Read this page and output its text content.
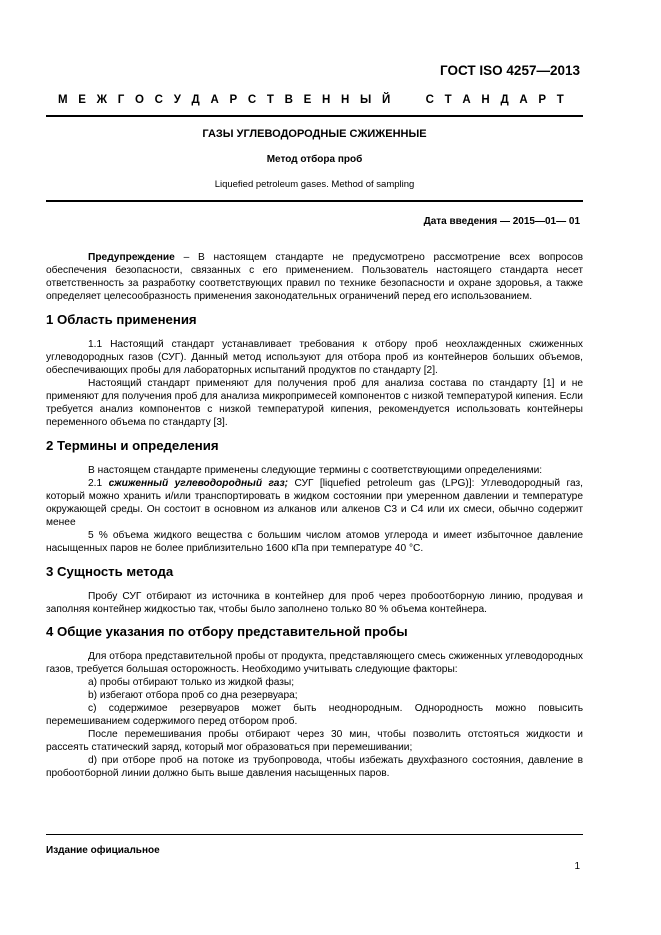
ГОСТ ISO 4257—2013
М Е Ж Г О С У Д А Р С Т В Е Н Н Ы Й	С Т А Н Д А Р Т
ГАЗЫ УГЛЕВОДОРОДНЫЕ СЖИЖЕННЫЕ
Метод отбора проб
Liquefied petroleum gases. Method of sampling
Дата введения — 2015—01— 01

Предупреждение – В настоящем стандарте не предусмотрено рассмотрение всех вопросов обеспечения безопасности, связанных с его применением. Пользователь настоящего стандарта несет ответственность за разработку соответствующих правил по технике безопасности и охране здоровья, а также определяет целесообразность применения законодательных ограничений перед его использованием.

1 Область применения

1.1 Настоящий стандарт устанавливает требования к отбору проб неохлажденных сжиженных углеводородных газов (СУГ). Данный метод используют для отбора проб из контейнеров больших объемов, обеспечивающих пробы для лабораторных испытаний продуктов по стандарту [2].

Настоящий стандарт применяют для получения проб для анализа состава по стандарту [1] и не применяют для получения проб для анализа микропримесей компонентов с низкой температурой кипения. Если требуется анализ компонентов с низкой температурой кипения, рекомендуется использовать контейнеры переменного объема по стандарту [3].

2 Термины и определения

В настоящем стандарте применены следующие термины с соответствующими определениями:

2.1 сжиженный углеводородный газ; СУГ [liquefied petroleum gas (LPG)]: Углеводородный газ, который можно хранить и/или транспортировать в жидком состоянии при умеренном давлении и температуре окружающей среды. Он состоит в основном из алканов или алкенов С3 и С4 или их смеси, обычно содержит менее

5 % объема жидкого вещества с большим числом атомов углерода и имеет избыточное давление насыщенных паров не более приблизительно 1600 кПа при температуре 40 °С.

3 Сущность метода

Пробу СУГ отбирают из источника в контейнер для проб через пробоотборную линию, продувая и заполняя контейнер жидкостью так, чтобы было заполнено только 80 % объема контейнера.

4 Общие указания по отбору представительной пробы

Для отбора представительной пробы от продукта, представляющего смесь сжиженных углеводородных газов, требуется большая осторожность. Необходимо учитывать следующие факторы:

а) пробы отбирают только из жидкой фазы;

b) избегают отбора проб со дна резервуара;

с) содержимое резервуаров может быть неоднородным. Однородность можно повысить перемешиванием содержимого перед отбором проб.

После перемешивания пробы отбирают через 30 мин, чтобы позволить отстояться жидкости и рассеять статический заряд, который мог образоваться при перемешивании;

d) при отборе проб на потоке из трубопровода, чтобы избежать двухфазного состояния, давление в пробоотборной линии должно быть выше давления насыщенных паров.

Издание официальное
1
